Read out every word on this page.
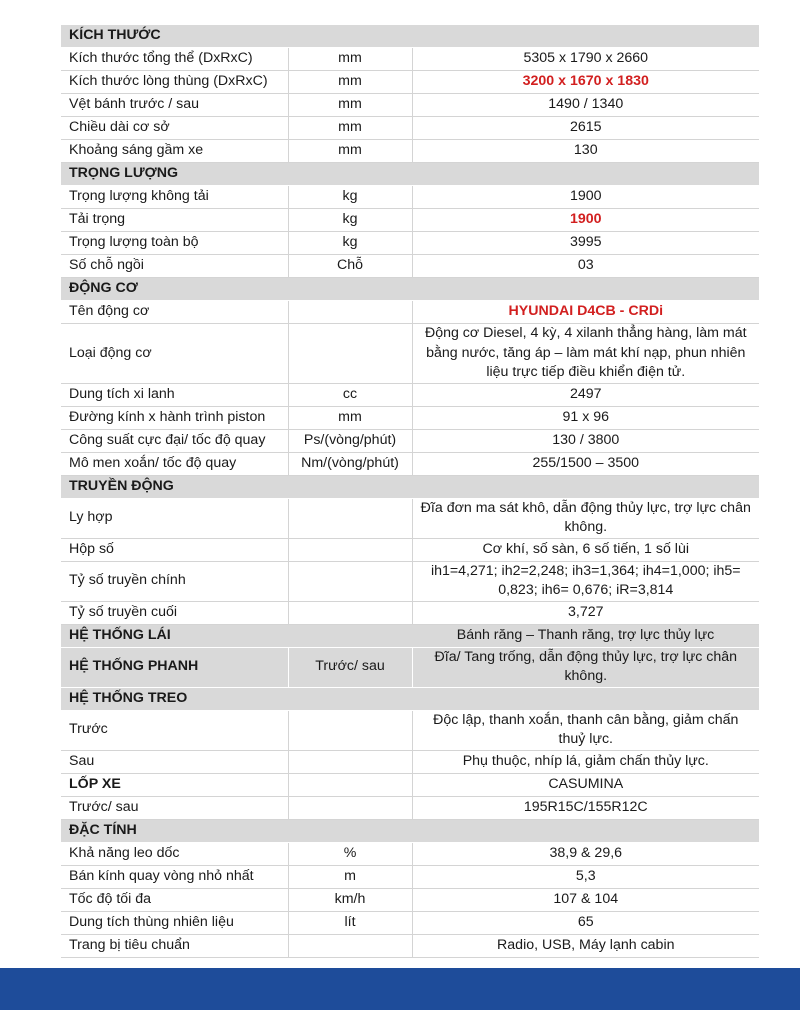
KÍCH THƯỚC		
Kích thước tổng thể (DxRxC)	mm	5305 x 1790 x 2660
Kích thước lòng thùng (DxRxC)	mm	3200 x 1670 x 1830
Vệt bánh trước / sau	mm	1490 / 1340
Chiều dài cơ sở	mm	2615
Khoảng sáng gầm xe	mm	130
TRỌNG LƯỢNG		
Trọng lượng không tải	kg	1900
Tải trọng	kg	1900
Trọng lượng toàn bộ	kg	3995
Số chỗ ngồi	Chỗ	03
ĐỘNG CƠ		
Tên động cơ		HYUNDAI D4CB - CRDi
Loại động cơ		Động cơ Diesel, 4 kỳ, 4 xilanh thẳng hàng, làm mát bằng nước, tăng áp – làm mát khí nạp, phun nhiên liệu trực tiếp điều khiển điện tử.
Dung tích xi lanh	cc	2497
Đường kính x hành trình piston	mm	91 x 96
Công suất cực đại/ tốc độ quay	Ps/(vòng/phút)	130 / 3800
Mô men xoắn/ tốc độ quay	Nm/(vòng/phút)	255/1500 – 3500
TRUYỀN ĐỘNG		
Ly hợp		Đĩa đơn ma sát khô, dẫn động thủy lực, trợ lực chân không.
Hộp số		Cơ khí, số sàn, 6 số tiến, 1 số lùi
Tỷ số truyền chính		ih1=4,271; ih2=2,248; ih3=1,364; ih4=1,000; ih5= 0,823; ih6= 0,676; iR=3,814
Tỷ số truyền cuối		3,727
HỆ THỐNG LÁI		Bánh răng – Thanh răng, trợ lực thủy lực
HỆ THỐNG PHANH	Trước/ sau	Đĩa/ Tang trống, dẫn động thủy lực, trợ lực chân không.
HỆ THỐNG TREO		
Trước		Độc lập, thanh xoắn, thanh cân bằng, giảm chấn thuỷ lực.
Sau		Phụ thuộc, nhíp lá, giảm chấn thủy lực.
LỐP XE		CASUMINA
Trước/ sau		195R15C/155R12C
ĐẶC TÍNH		
Khả năng leo dốc	%	38,9 & 29,6
Bán kính quay vòng nhỏ nhất	m	5,3
Tốc độ tối đa	km/h	107 & 104
Dung tích thùng nhiên liệu	lít	65
Trang bị tiêu chuẩn		Radio, USB, Máy lạnh cabin
